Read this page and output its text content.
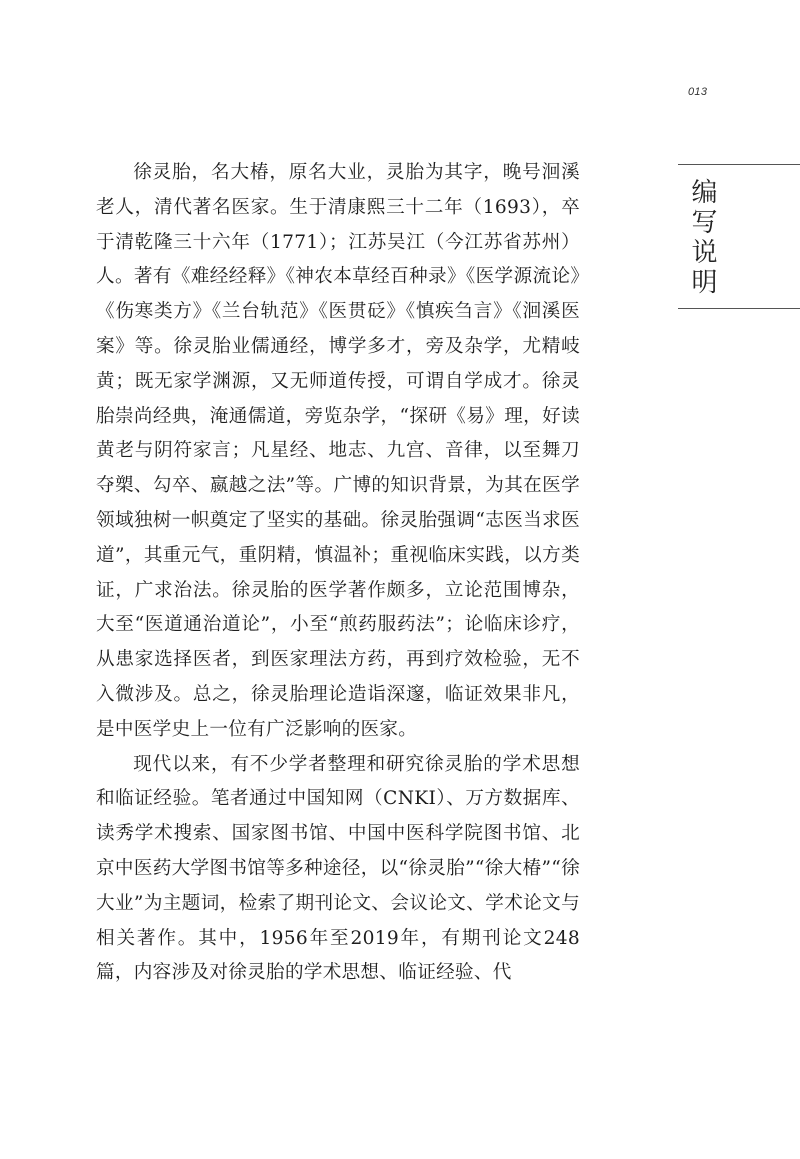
013
编写说明

徐灵胎，名大椿，原名大业，灵胎为其字，晚号洄溪老人，清代著名医家。生于清康熙三十二年（1693），卒于清乾隆三十六年（1771）；江苏吴江（今江苏省苏州）人。著有《难经经释》《神农本草经百种录》《医学源流论》《伤寒类方》《兰台轨范》《医贯砭》《慎疾刍言》《洄溪医案》等。徐灵胎业儒通经，博学多才，旁及杂学，尤精岐黄；既无家学渊源，又无师道传授，可谓自学成才。徐灵胎崇尚经典，淹通儒道，旁览杂学，“探研《易》理，好读黄老与阴符家言；凡星经、地志、九宫、音律，以至舞刀夺槊、勾卒、嬴越之法”等。广博的知识背景，为其在医学领域独树一帜奠定了坚实的基础。徐灵胎强调“志医当求医道”，其重元气，重阴精，慎温补；重视临床实践，以方类证，广求治法。徐灵胎的医学著作颇多，立论范围博杂，大至“医道通治道论”，小至“煎药服药法”；论临床诊疗，从患家选择医者，到医家理法方药，再到疗效检验，无不入微涉及。总之，徐灵胎理论造诣深邃，临证效果非凡，是中医学史上一位有广泛影响的医家。

现代以来，有不少学者整理和研究徐灵胎的学术思想和临证经验。笔者通过中国知网（CNKI）、万方数据库、读秀学术搜索、国家图书馆、中国中医科学院图书馆、北京中医药大学图书馆等多种途径，以“徐灵胎”“徐大椿”“徐大业”为主题词，检索了期刊论文、会议论文、学术论文与相关著作。其中，1956年至2019年，有期刊论文248篇，内容涉及对徐灵胎的学术思想、临证经验、代
